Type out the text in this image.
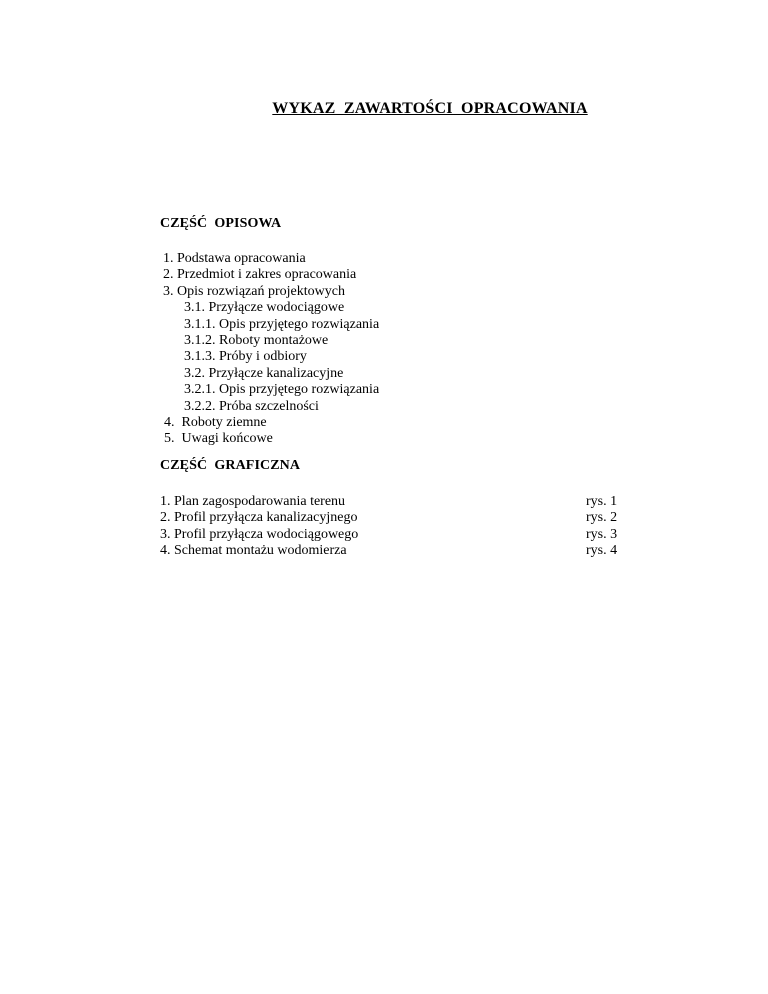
WYKAZ  ZAWARTOŚCI  OPRACOWANIA
CZĘŚĆ  OPISOWA
1. Podstawa opracowania
2. Przedmiot i zakres opracowania
3. Opis rozwiązań projektowych
3.1. Przyłącze wodociągowe
3.1.1. Opis przyjętego rozwiązania
3.1.2. Roboty montażowe
3.1.3. Próby i odbiory
3.2. Przyłącze kanalizacyjne
3.2.1. Opis przyjętego rozwiązania
3.2.2. Próba szczelności
4.  Roboty ziemne
5.  Uwagi końcowe
CZĘŚĆ  GRAFICZNA
1. Plan zagospodarowania terenu	rys. 1
2. Profil przyłącza kanalizacyjnego	rys. 2
3. Profil przyłącza wodociągowego	rys. 3
4. Schemat montażu wodomierza	rys. 4
